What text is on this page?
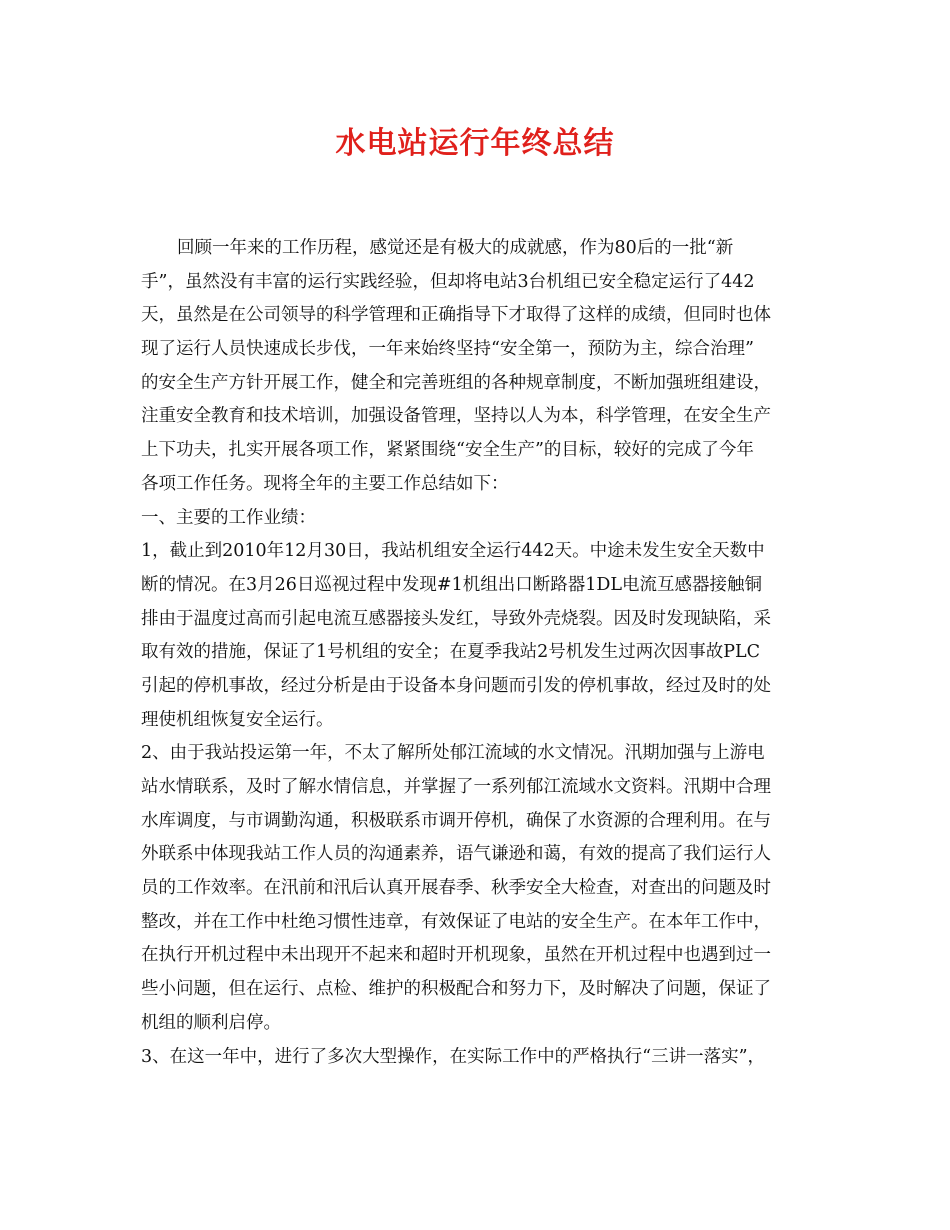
水电站运行年终总结
回顾一年来的工作历程，感觉还是有极大的成就感，作为80后的一批“新
手”，虽然没有丰富的运行实践经验，但却将电站3台机组已安全稳定运行了442
天，虽然是在公司领导的科学管理和正确指导下才取得了这样的成绩，但同时也体
现了运行人员快速成长步伐，一年来始终坚持“安全第一，预防为主，综合治理”
的安全生产方针开展工作，健全和完善班组的各种规章制度，不断加强班组建设，
注重安全教育和技术培训，加强设备管理，坚持以人为本，科学管理，在安全生产
上下功夫，扎实开展各项工作，紧紧围绕“安全生产”的目标，较好的完成了今年
各项工作任务。现将全年的主要工作总结如下：
一、主要的工作业绩：
1，截止到2010年12月30日，我站机组安全运行442天。中途未发生安全天数中
断的情况。在3月26日巡视过程中发现#1机组出口断路器1DL电流互感器接触铜
排由于温度过高而引起电流互感器接头发红，导致外壳烧裂。因及时发现缺陷，采
取有效的措施，保证了1号机组的安全；在夏季我站2号机发生过两次因事故PLC
引起的停机事故，经过分析是由于设备本身问题而引发的停机事故，经过及时的处
理使机组恢复安全运行。
2、由于我站投运第一年，不太了解所处郁江流域的水文情况。汛期加强与上游电
站水情联系，及时了解水情信息，并掌握了一系列郁江流域水文资料。汛期中合理
水库调度，与市调勤沟通，积极联系市调开停机，确保了水资源的合理利用。在与
外联系中体现我站工作人员的沟通素养，语气谦逊和蔼，有效的提高了我们运行人
员的工作效率。在汛前和汛后认真开展春季、秋季安全大检查，对查出的问题及时
整改，并在工作中杜绝习惯性违章，有效保证了电站的安全生产。在本年工作中，
在执行开机过程中未出现开不起来和超时开机现象，虽然在开机过程中也遇到过一
些小问题，但在运行、点检、维护的积极配合和努力下，及时解决了问题，保证了
机组的顺利启停。
3、在这一年中，进行了多次大型操作，在实际工作中的严格执行“三讲一落实”，
